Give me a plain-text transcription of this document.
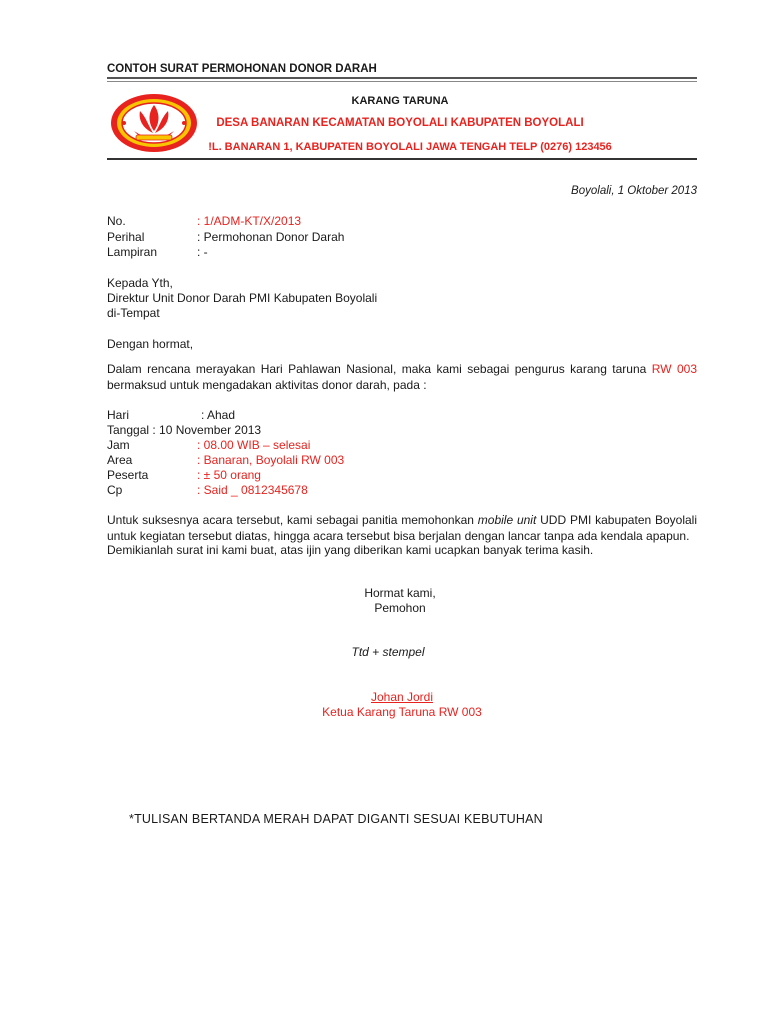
CONTOH SURAT PERMOHONAN DONOR DARAH
KARANG TARUNA
DESA BANARAN KECAMATAN BOYOLALI KABUPATEN BOYOLALI
!L. BANARAN 1, KABUPATEN BOYOLALI JAWA TENGAH TELP (0276) 123456
Boyolali, 1 Oktober 2013
No.	: 1/ADM-KT/X/2013
Perihal	: Permohonan Donor Darah
Lampiran	: -
Kepada Yth,
Direktur Unit Donor Darah PMI Kabupaten Boyolali
di-Tempat
Dengan hormat,

Dalam rencana merayakan Hari Pahlawan Nasional, maka kami sebagai pengurus karang taruna RW 003 bermaksud untuk mengadakan aktivitas donor darah, pada :

Hari	: Ahad
Tanggal : 10 November 2013
Jam	: 08.00 WIB – selesai
Area	: Banaran, Boyolali RW 003
Peserta	: ± 50 orang
Cp	: Said _ 0812345678

Untuk suksesnya acara tersebut, kami sebagai panitia memohonkan mobile unit UDD PMI kabupaten Boyolali untuk kegiatan tersebut diatas, hingga acara tersebut bisa berjalan dengan lancar tanpa ada kendala apapun.

Demikianlah surat ini kami buat, atas ijin yang diberikan kami ucapkan banyak terima kasih.
Hormat kami,
Pemohon
Ttd + stempel
Johan Jordi
Ketua Karang Taruna RW 003
*TULISAN BERTANDA MERAH DAPAT DIGANTI SESUAI KEBUTUHAN
